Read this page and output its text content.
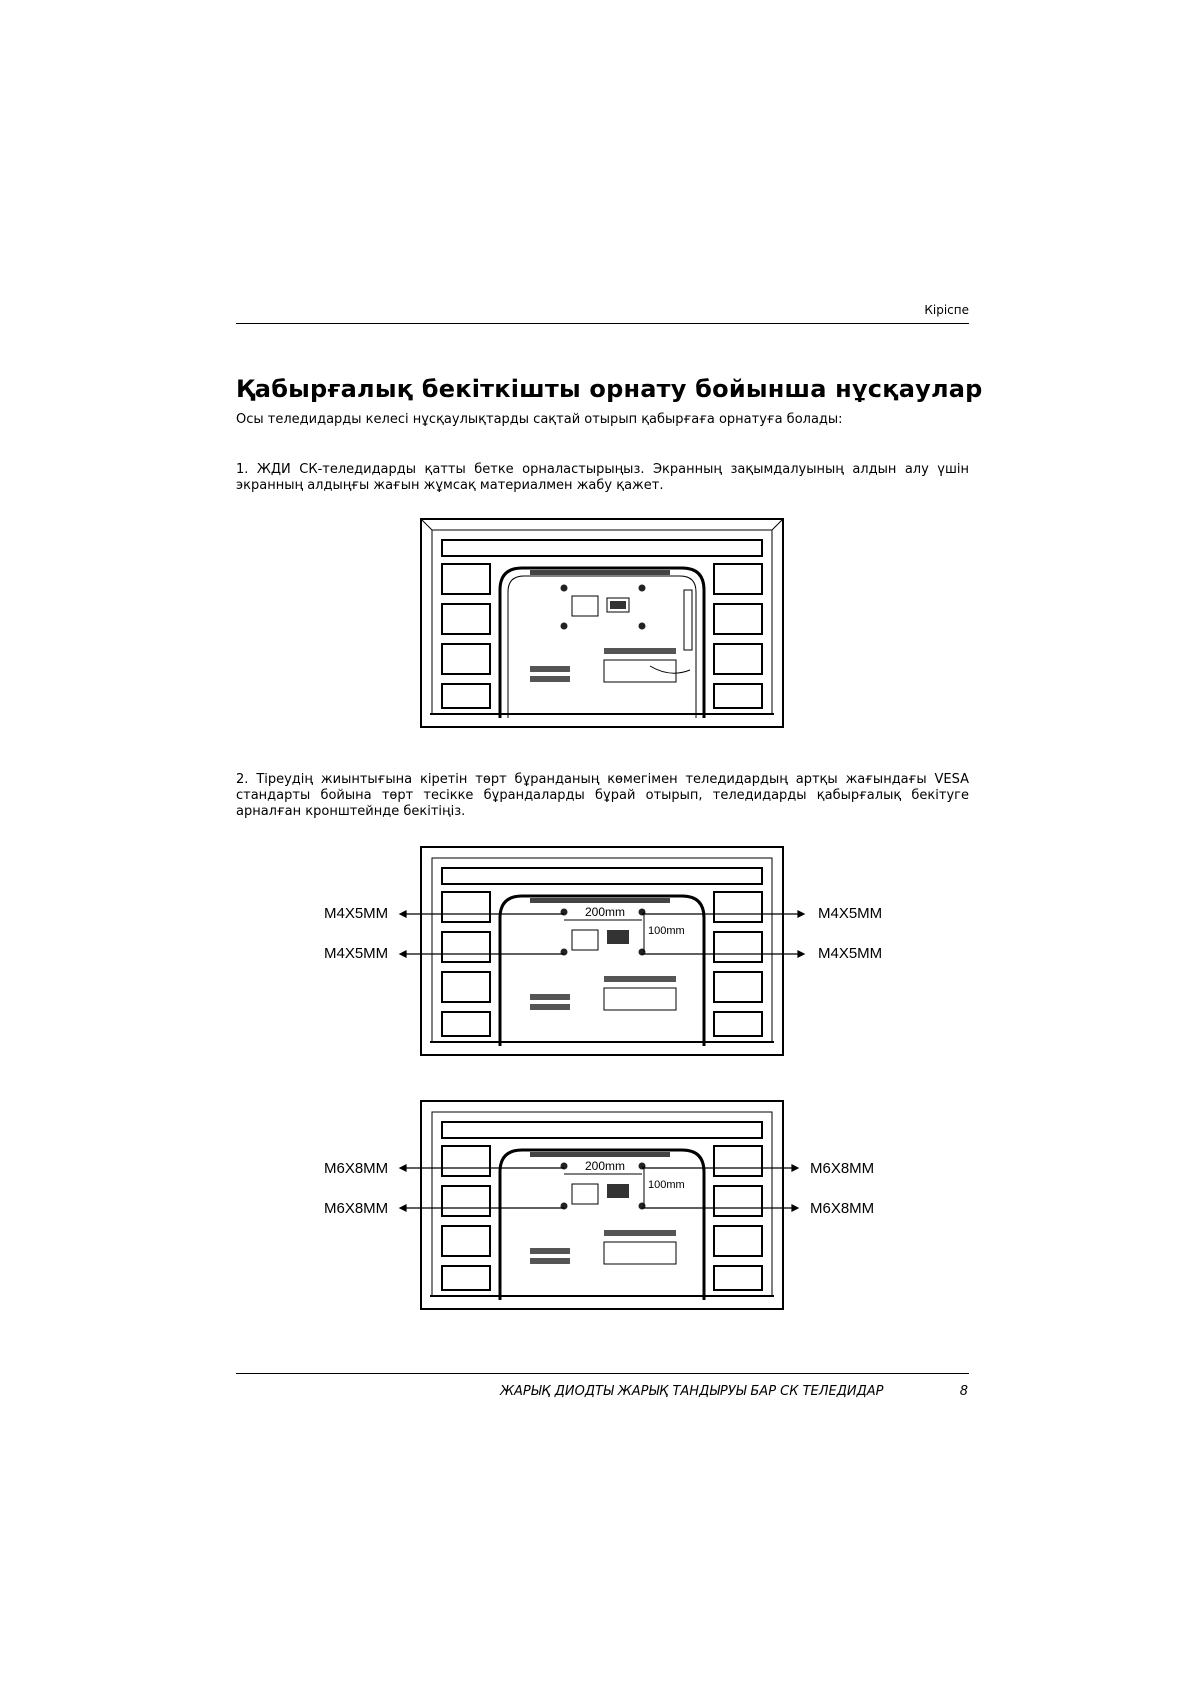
Кіріспе
Қабырғалық бекіткішты орнату бойынша нұсқаулар
Осы теледидарды келесі нұсқаулықтарды сақтай отырып қабырғаға орнатуға болады:
1. ЖДИ СК-теледидарды қатты бетке орналастырыңыз. Экранның зақымдалуының алдын алу үшін экранның алдыңғы жағын жұмсақ материалмен жабу қажет.
2. Тіреудің жиынтығына кіретін төрт бұранданың көмегімен теледидардың артқы жағындағы VESA стандарты бойына төрт тесікке бұрандаларды бұрай отырып, теледидарды қабырғалық бекітуге арналған кронштейнде бекітіңіз.
200mm
100mm
M4X5MM
M4X5MM
M4X5MM
M4X5MM
200mm
100mm
M6X8MM
M6X8MM
M6X8MM
M6X8MM
ЖАРЫҚ ДИОДТЫ ЖАРЫҚ ТАНДЫРУЫ БАР СК ТЕЛЕДИДАР	8
